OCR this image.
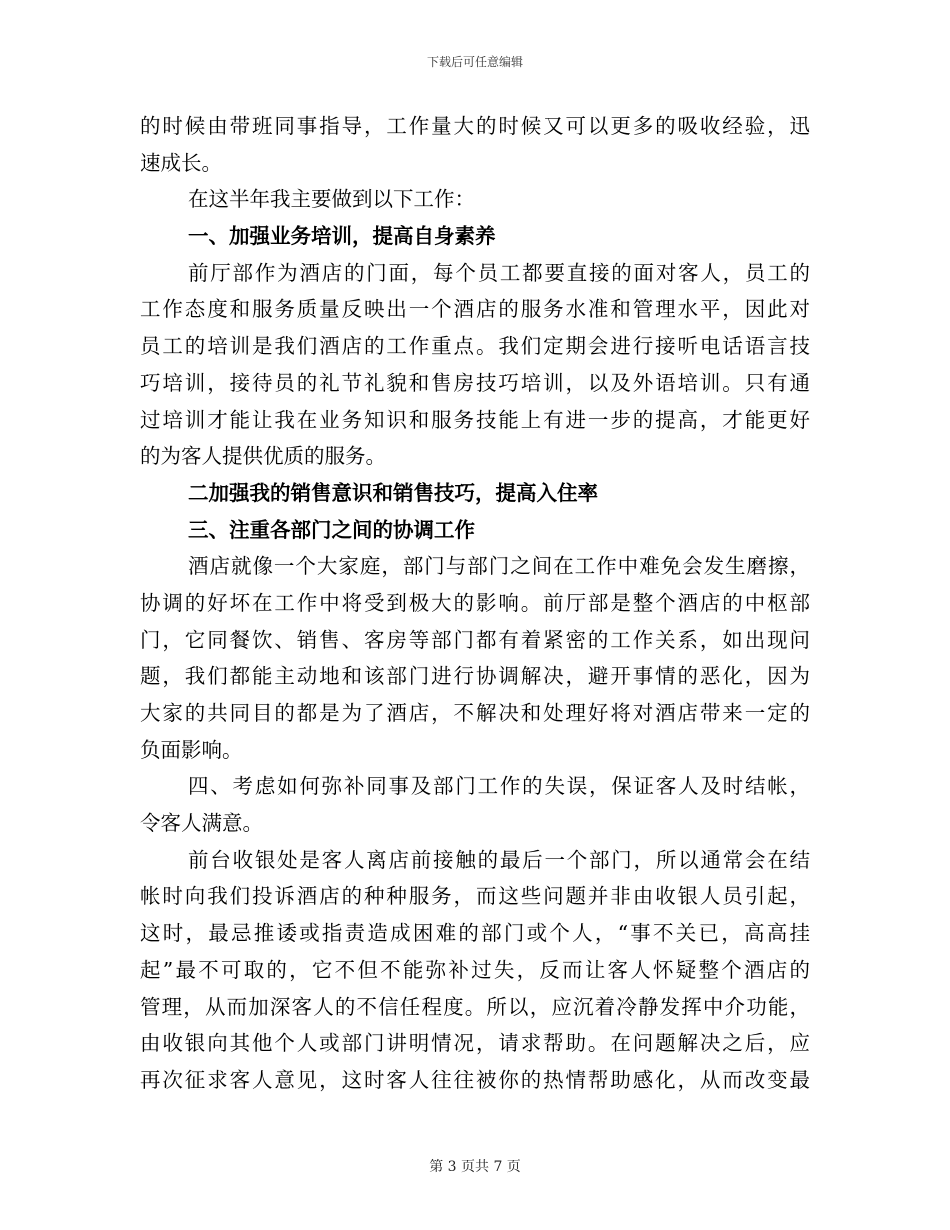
下载后可任意编辑
的时候由带班同事指导，工作量大的时候又可以更多的吸收经验，迅
速成长。
在这半年我主要做到以下工作：
一、加强业务培训，提高自身素养
前厅部作为酒店的门面，每个员工都要直接的面对客人，员工的
工作态度和服务质量反映出一个酒店的服务水准和管理水平，因此对
员工的培训是我们酒店的工作重点。我们定期会进行接听电话语言技
巧培训，接待员的礼节礼貌和售房技巧培训，以及外语培训。只有通
过培训才能让我在业务知识和服务技能上有进一步的提高，才能更好
的为客人提供优质的服务。
二加强我的销售意识和销售技巧，提高入住率
三、注重各部门之间的协调工作
酒店就像一个大家庭，部门与部门之间在工作中难免会发生磨擦，
协调的好坏在工作中将受到极大的影响。前厅部是整个酒店的中枢部
门，它同餐饮、销售、客房等部门都有着紧密的工作关系，如出现问
题，我们都能主动地和该部门进行协调解决，避开事情的恶化，因为
大家的共同目的都是为了酒店，不解决和处理好将对酒店带来一定的
负面影响。
四、考虑如何弥补同事及部门工作的失误，保证客人及时结帐，
令客人满意。
前台收银处是客人离店前接触的最后一个部门，所以通常会在结
帐时向我们投诉酒店的种种服务，而这些问题并非由收银人员引起，
这时，最忌推诿或指责造成困难的部门或个人，“事不关已，高高挂
起”最不可取的，它不但不能弥补过失，反而让客人怀疑整个酒店的
管理，从而加深客人的不信任程度。所以，应沉着冷静发挥中介功能，
由收银向其他个人或部门讲明情况，请求帮助。在问题解决之后，应
再次征求客人意见，这时客人往往被你的热情帮助感化，从而改变最
第 3 页共 7 页
